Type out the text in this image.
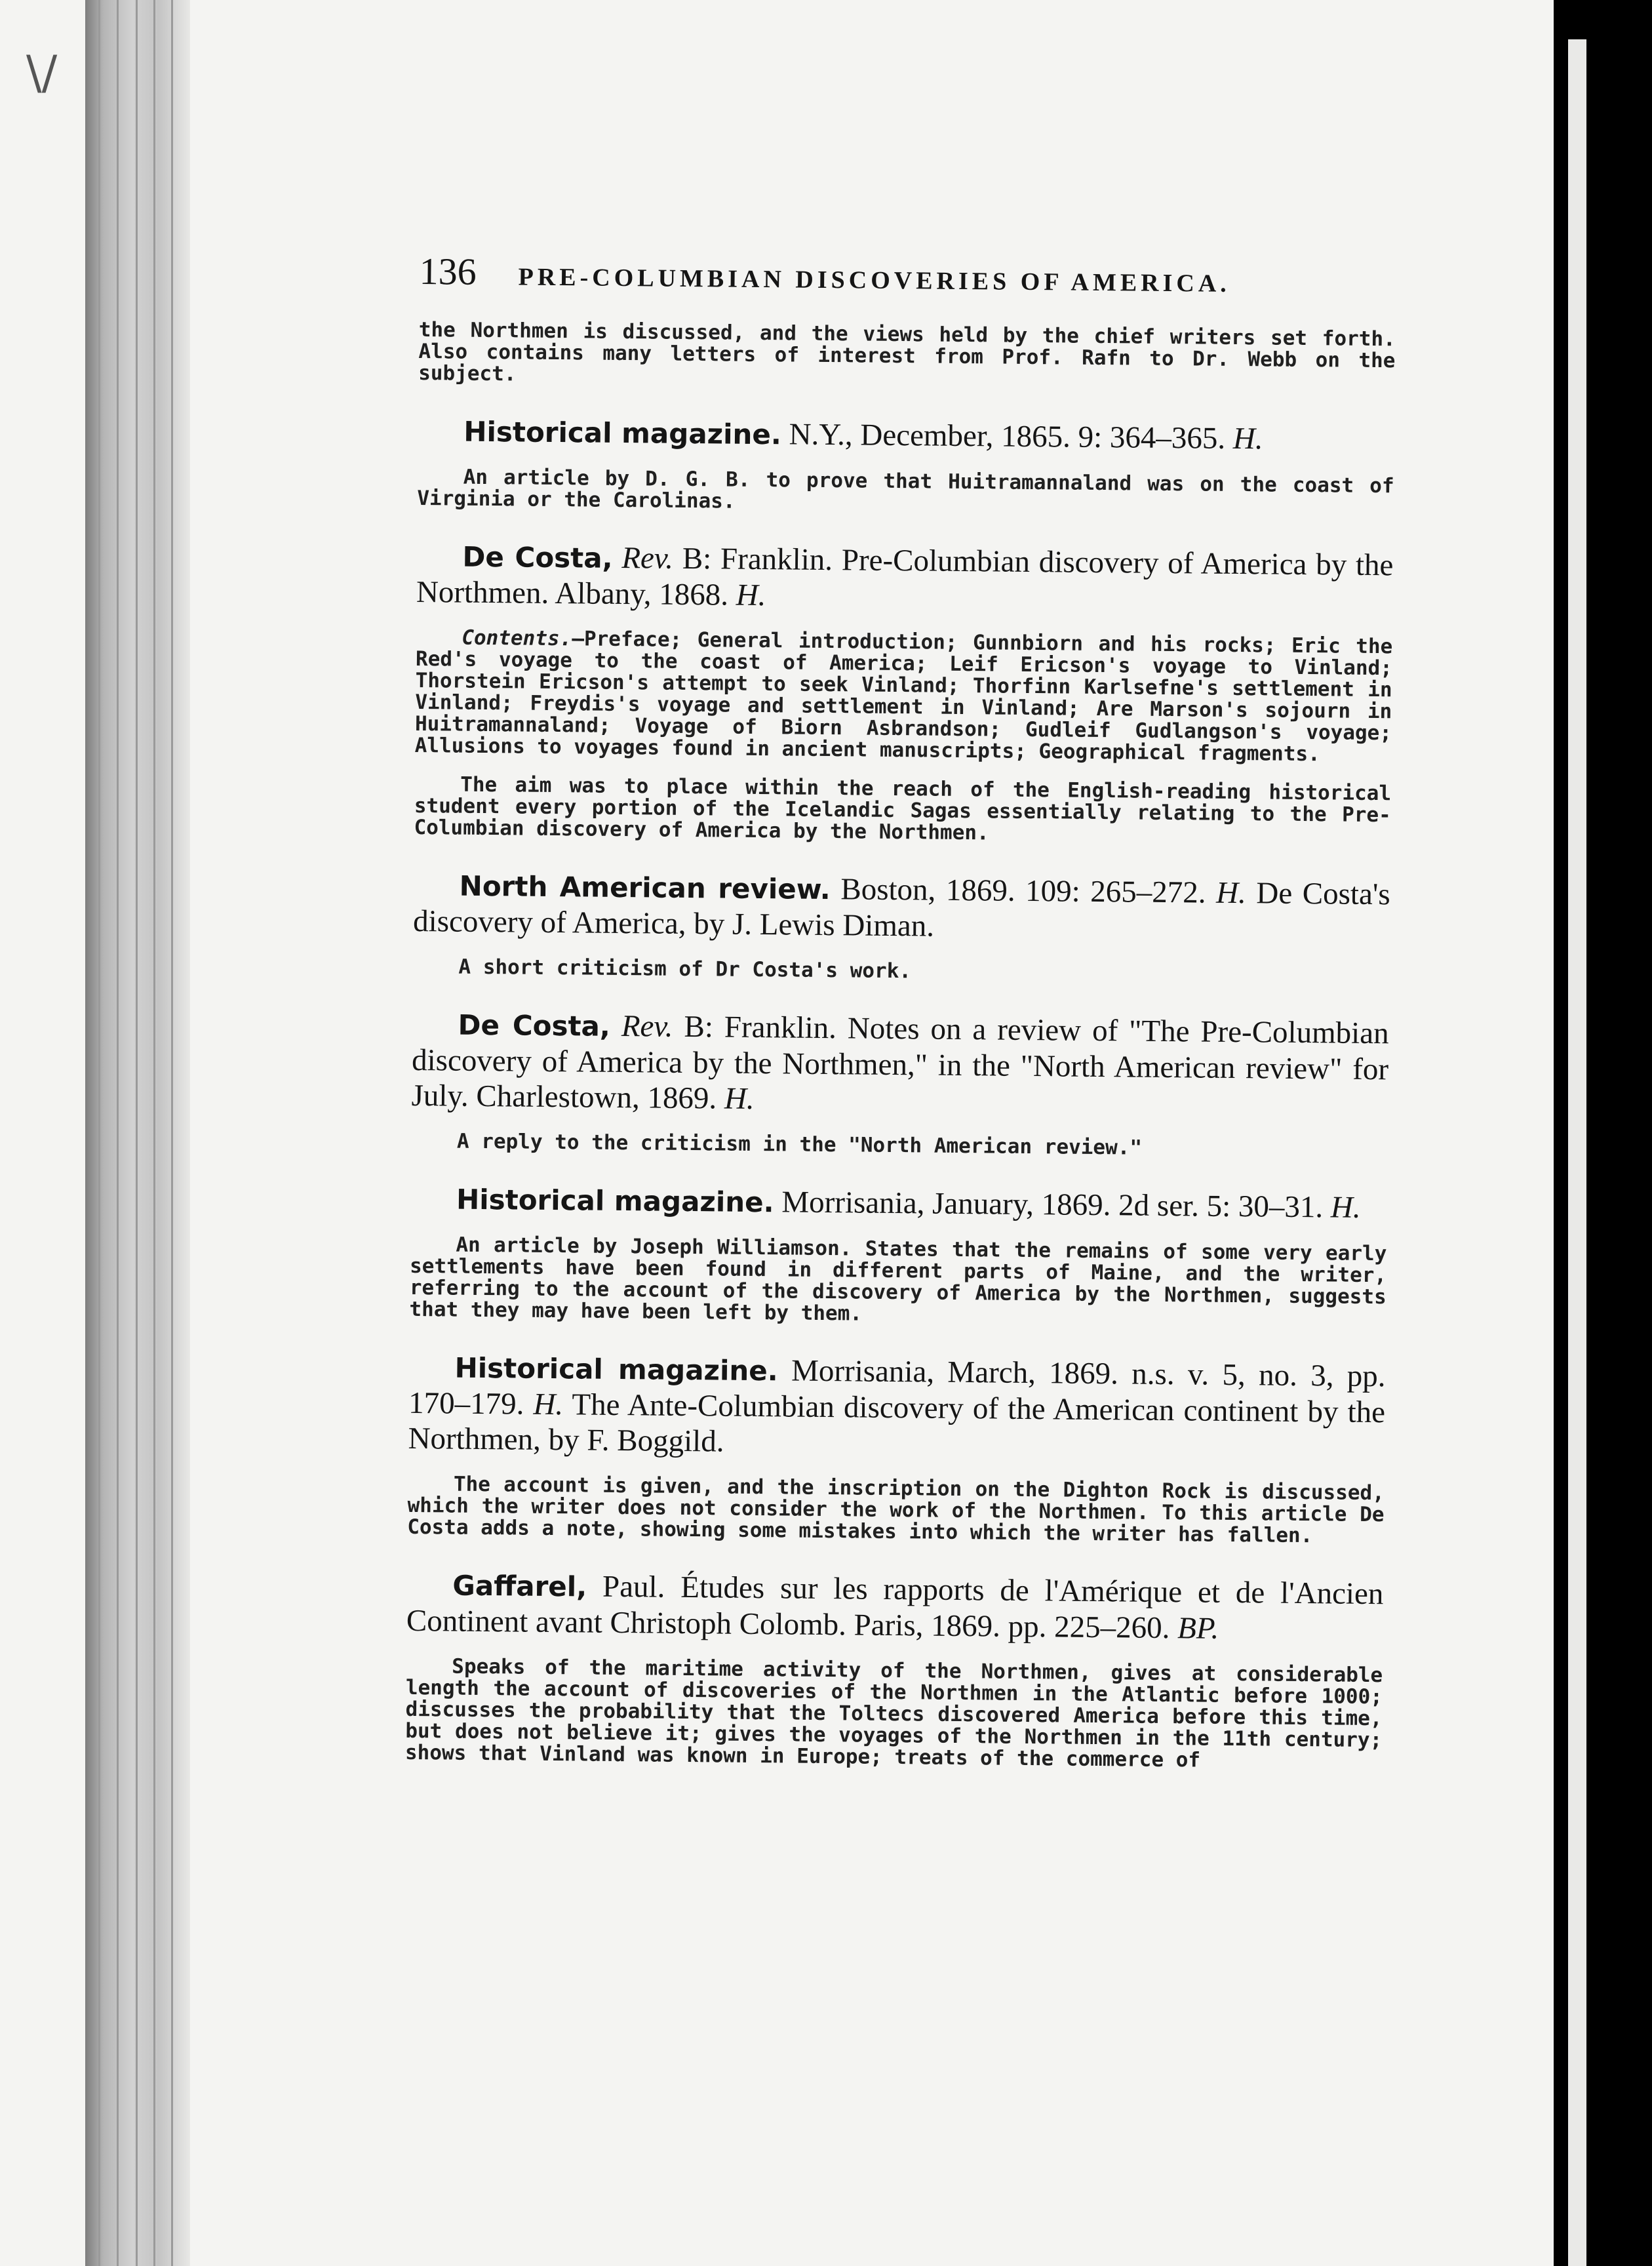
\/
136 PRE-COLUMBIAN DISCOVERIES OF AMERICA.

the Northmen is discussed, and the views held by the chief writers set forth. Also contains many letters of interest from Prof. Rafn to Dr. Webb on the subject.

Historical magazine. N.Y., December, 1865. 9: 364–365. H.

An article by D. G. B. to prove that Huitramannaland was on the coast of Virginia or the Carolinas.

De Costa, Rev. B: Franklin. Pre-Columbian discovery of America by the Northmen. Albany, 1868. H.

Contents.—Preface; General introduction; Gunnbiorn and his rocks; Eric the Red's voyage to the coast of America; Leif Ericson's voyage to Vinland; Thorstein Ericson's attempt to seek Vinland; Thorfinn Karlsefne's settlement in Vinland; Freydis's voyage and settlement in Vinland; Are Marson's sojourn in Huitramannaland; Voyage of Biorn Asbrandson; Gudleif Gudlangson's voyage; Allusions to voyages found in ancient manuscripts; Geographical fragments.

The aim was to place within the reach of the English-reading historical student every portion of the Icelandic Sagas essentially relating to the Pre-Columbian discovery of America by the Northmen.

North American review. Boston, 1869. 109: 265–272. H. De Costa's discovery of America, by J. Lewis Diman.

A short criticism of Dr Costa's work.

De Costa, Rev. B: Franklin. Notes on a review of "The Pre-Columbian discovery of America by the Northmen," in the "North American review" for July. Charlestown, 1869. H.

A reply to the criticism in the "North American review."

Historical magazine. Morrisania, January, 1869. 2d ser. 5: 30–31. H.

An article by Joseph Williamson. States that the remains of some very early settlements have been found in different parts of Maine, and the writer, referring to the account of the discovery of America by the Northmen, suggests that they may have been left by them.

Historical magazine. Morrisania, March, 1869. n.s. v. 5, no. 3, pp. 170–179. H. The Ante-Columbian discovery of the American continent by the Northmen, by F. Boggild.

The account is given, and the inscription on the Dighton Rock is discussed, which the writer does not consider the work of the Northmen. To this article De Costa adds a note, showing some mistakes into which the writer has fallen.

Gaffarel, Paul. Études sur les rapports de l'Amérique et de l'Ancien Continent avant Christoph Colomb. Paris, 1869. pp. 225–260. BP.

Speaks of the maritime activity of the Northmen, gives at considerable length the account of discoveries of the Northmen in the Atlantic before 1000; discusses the probability that the Toltecs discovered America before this time, but does not believe it; gives the voyages of the Northmen in the 11th century; shows that Vinland was known in Europe; treats of the commerce of
